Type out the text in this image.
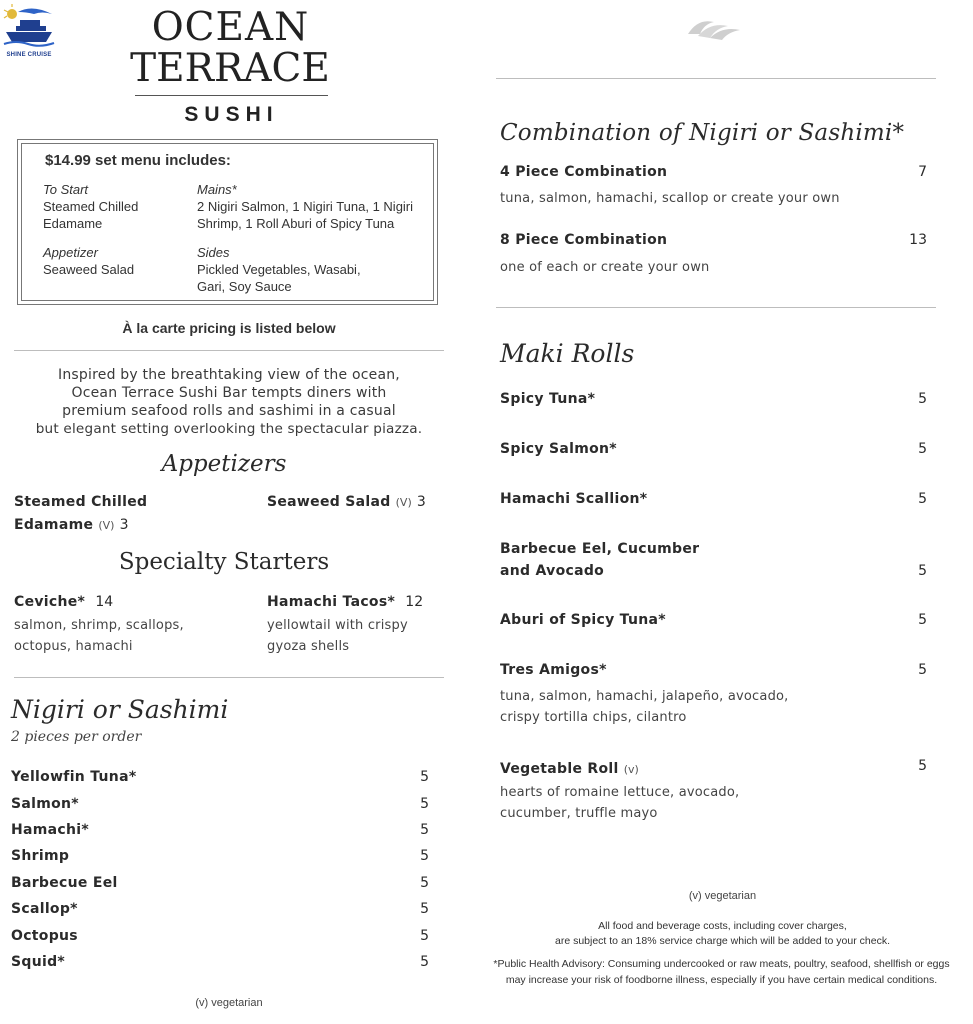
SHINE CRUISE
OCEAN
TERRACE
SUSHI
$14.99 set menu includes:
To Start
Steamed Chilled
Edamame
Mains*
2 Nigiri Salmon, 1 Nigiri Tuna, 1 Nigiri
Shrimp, 1 Roll Aburi of Spicy Tuna
Appetizer
Seaweed Salad
Sides
Pickled Vegetables, Wasabi,
Gari, Soy Sauce
À la carte pricing is listed below
Inspired by the breathtaking view of the ocean,
Ocean Terrace Sushi Bar tempts diners with
premium seafood rolls and sashimi in a casual
but elegant setting overlooking the spectacular piazza.
Appetizers
Steamed Chilled
Edamame (V) 3
Seaweed Salad (V) 3
Specialty Starters
Ceviche* 14
salmon, shrimp, scallops,
octopus, hamachi
Hamachi Tacos* 12
yellowtail with crispy
gyoza shells
Nigiri or Sashimi
2 pieces per order
Yellowfin Tuna*	5
Salmon*	5
Hamachi*	5
Shrimp	5
Barbecue Eel	5
Scallop*	5
Octopus	5
Squid*	5
(v) vegetarian
Combination of Nigiri or Sashimi*
4 Piece Combination	7
tuna, salmon, hamachi, scallop or create your own
8 Piece Combination	13
one of each or create your own
Maki Rolls
Spicy Tuna*	5
Spicy Salmon*	5
Hamachi Scallion*	5
Barbecue Eel, Cucumber
and Avocado	5
Aburi of Spicy Tuna*	5
Tres Amigos*	5
tuna, salmon, hamachi, jalapeño, avocado,
crispy tortilla chips, cilantro
Vegetable Roll (v)	5
hearts of romaine lettuce, avocado,
cucumber, truffle mayo
(v) vegetarian
All food and beverage costs, including cover charges,
are subject to an 18% service charge which will be added to your check.
*Public Health Advisory: Consuming undercooked or raw meats, poultry, seafood, shellfish or eggs
may increase your risk of foodborne illness, especially if you have certain medical conditions.
